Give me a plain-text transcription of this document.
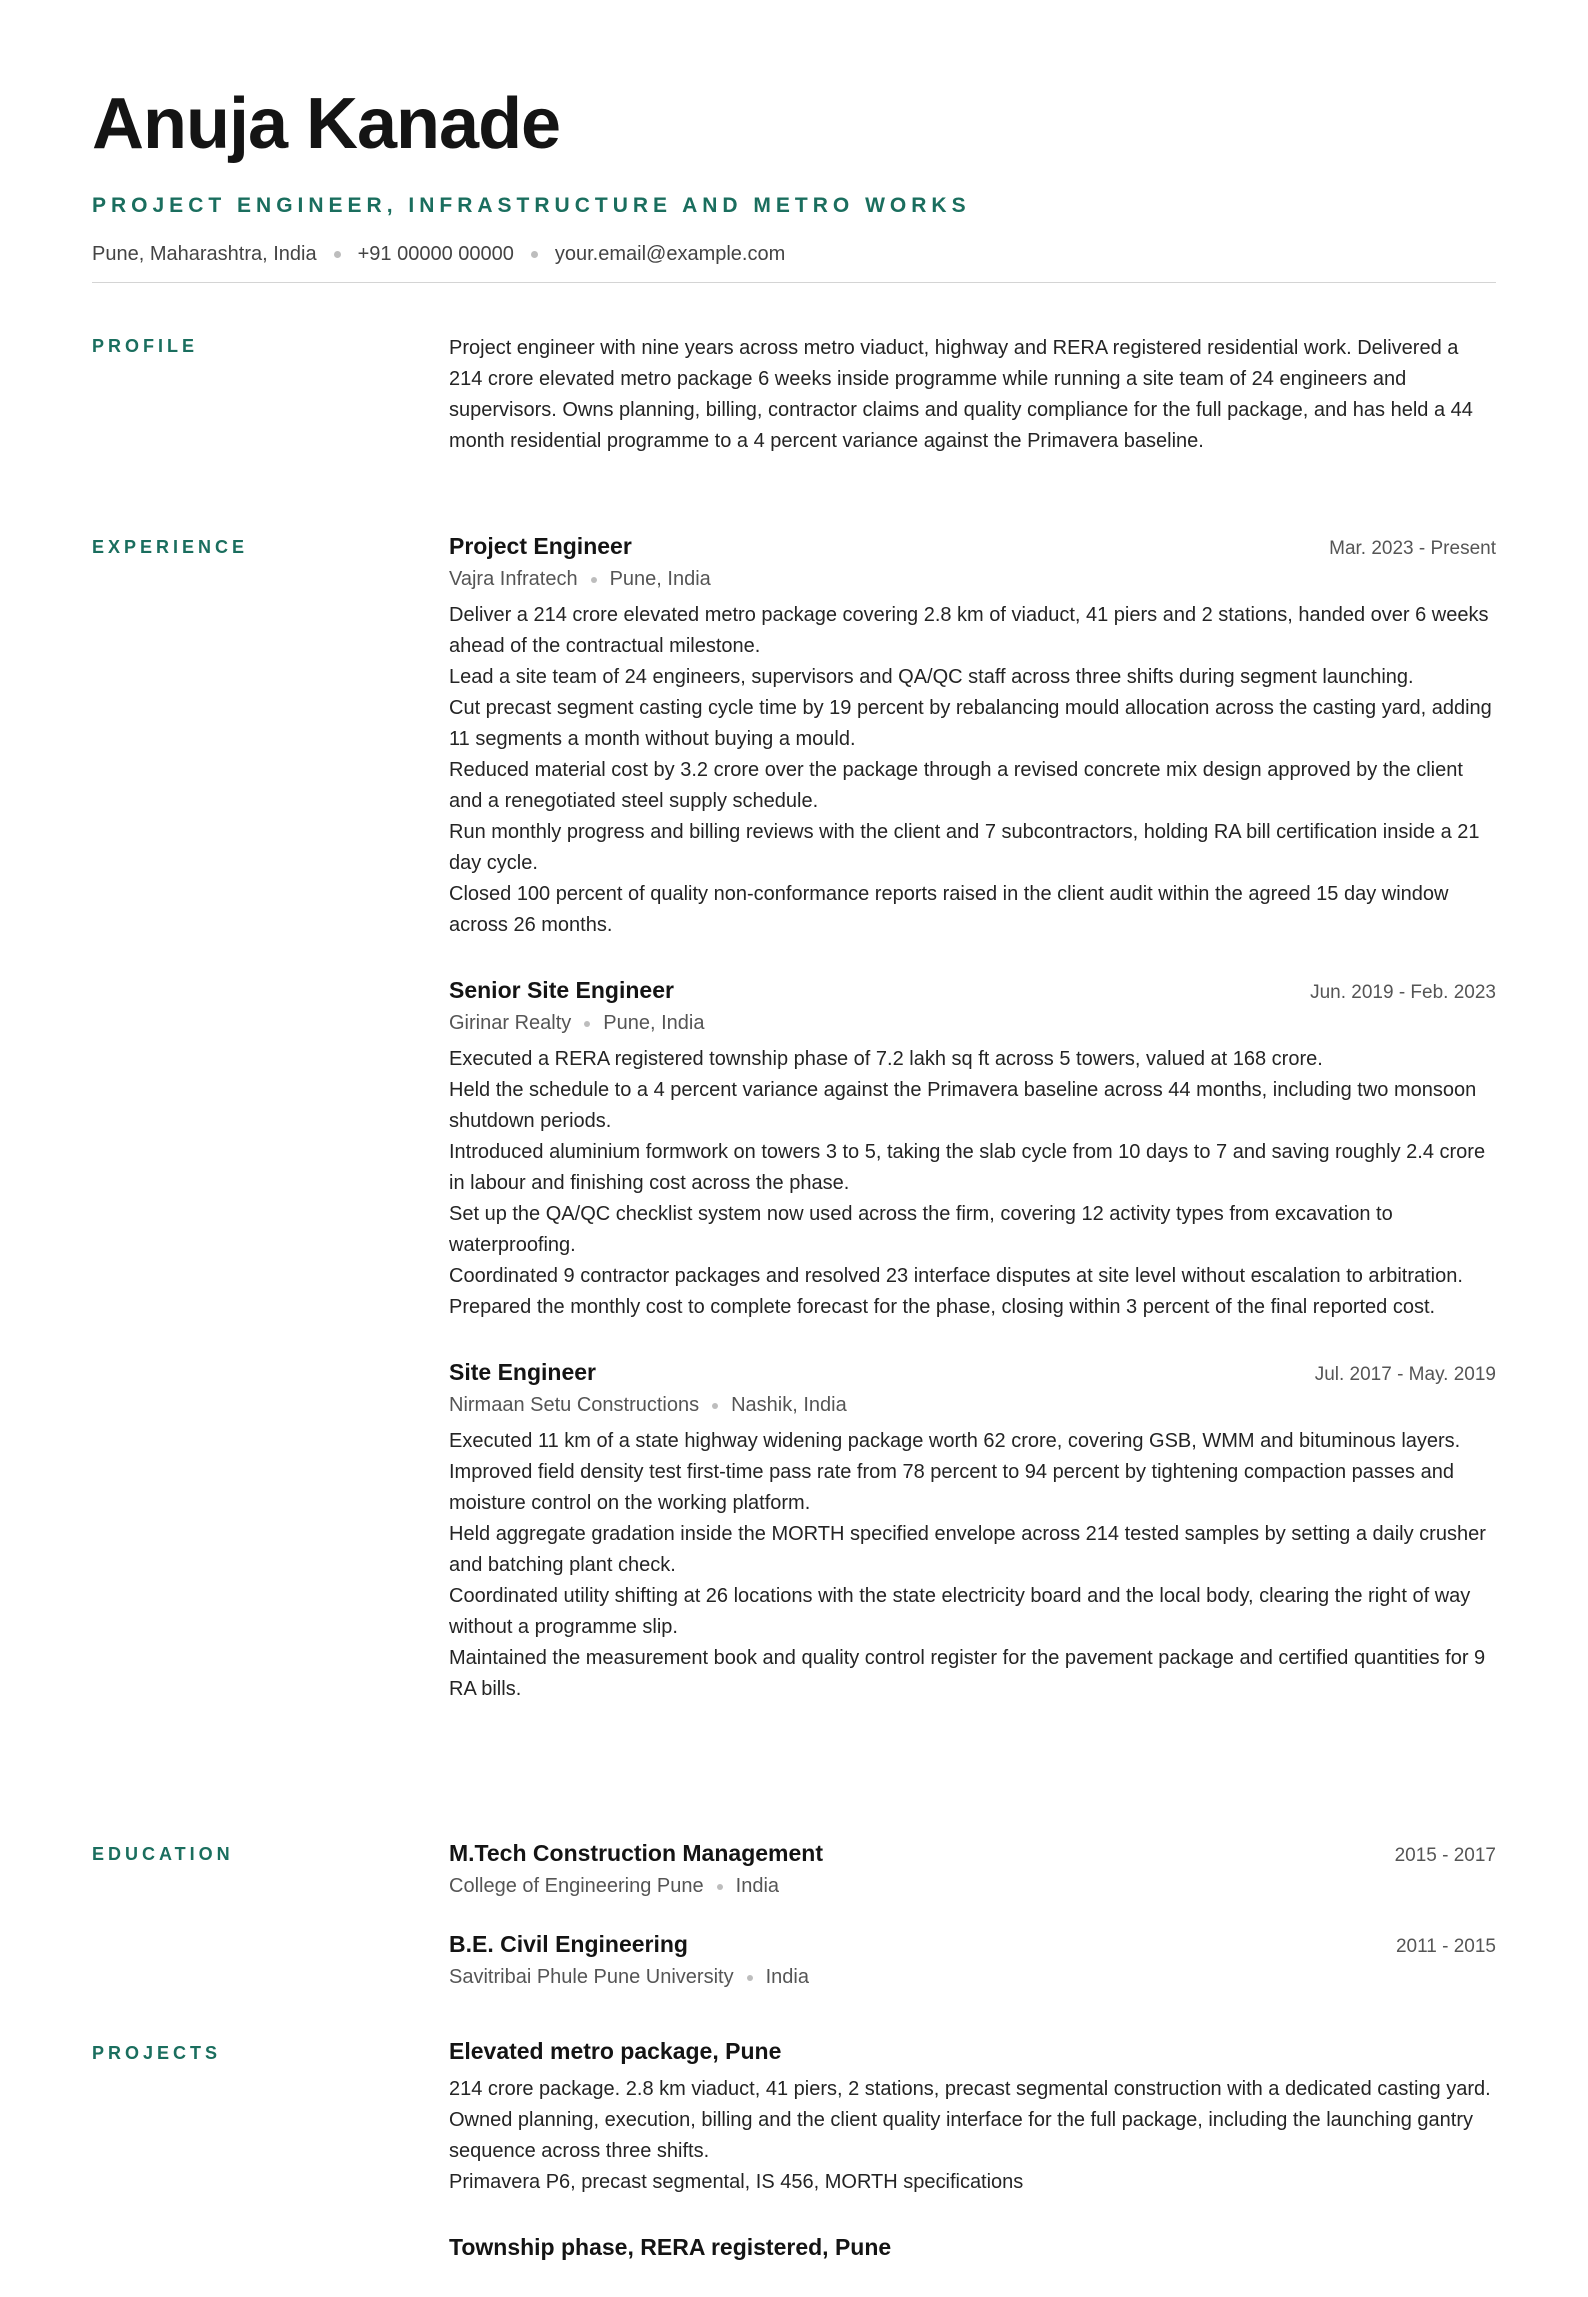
Anuja Kanade
PROJECT ENGINEER, INFRASTRUCTURE AND METRO WORKS
Pune, Maharashtra, India +91 00000 00000 your.email@example.com
PROFILE	Project engineer with nine years across metro viaduct, highway and RERA registered residential work. Delivered a 214 crore elevated metro package 6 weeks inside programme while running a site team of 24 engineers and supervisors. Owns planning, billing, contractor claims and quality compliance for the full package, and has held a 44 month residential programme to a 4 percent variance against the Primavera baseline.

EXPERIENCE	Project Engineer	Mar. 2023 - Present
Vajra Infratech Pune, India
Deliver a 214 crore elevated metro package covering 2.8 km of viaduct, 41 piers and 2 stations, handed over 6 weeks ahead of the contractual milestone.
Lead a site team of 24 engineers, supervisors and QA/QC staff across three shifts during segment launching.
Cut precast segment casting cycle time by 19 percent by rebalancing mould allocation across the casting yard, adding 11 segments a month without buying a mould.
Reduced material cost by 3.2 crore over the package through a revised concrete mix design approved by the client and a renegotiated steel supply schedule.
Run monthly progress and billing reviews with the client and 7 subcontractors, holding RA bill certification inside a 21 day cycle.
Closed 100 percent of quality non-conformance reports raised in the client audit within the agreed 15 day window across 26 months.
Senior Site Engineer	Jun. 2019 - Feb. 2023
Girinar Realty Pune, India
Executed a RERA registered township phase of 7.2 lakh sq ft across 5 towers, valued at 168 crore.
Held the schedule to a 4 percent variance against the Primavera baseline across 44 months, including two monsoon shutdown periods.
Introduced aluminium formwork on towers 3 to 5, taking the slab cycle from 10 days to 7 and saving roughly 2.4 crore in labour and finishing cost across the phase.
Set up the QA/QC checklist system now used across the firm, covering 12 activity types from excavation to waterproofing.
Coordinated 9 contractor packages and resolved 23 interface disputes at site level without escalation to arbitration.
Prepared the monthly cost to complete forecast for the phase, closing within 3 percent of the final reported cost.
Site Engineer	Jul. 2017 - May. 2019
Nirmaan Setu Constructions Nashik, India
Executed 11 km of a state highway widening package worth 62 crore, covering GSB, WMM and bituminous layers.
Improved field density test first-time pass rate from 78 percent to 94 percent by tightening compaction passes and moisture control on the working platform.
Held aggregate gradation inside the MORTH specified envelope across 214 tested samples by setting a daily crusher and batching plant check.
Coordinated utility shifting at 26 locations with the state electricity board and the local body, clearing the right of way without a programme slip.
Maintained the measurement book and quality control register for the pavement package and certified quantities for 9 RA bills.
EDUCATION	M.Tech Construction Management	2015 - 2017
College of Engineering Pune India
B.E. Civil Engineering	2011 - 2015
Savitribai Phule Pune University India
PROJECTS	Elevated metro package, Pune
214 crore package. 2.8 km viaduct, 41 piers, 2 stations, precast segmental construction with a dedicated casting yard. Owned planning, execution, billing and the client quality interface for the full package, including the launching gantry sequence across three shifts.
Primavera P6, precast segmental, IS 456, MORTH specifications
Township phase, RERA registered, Pune
